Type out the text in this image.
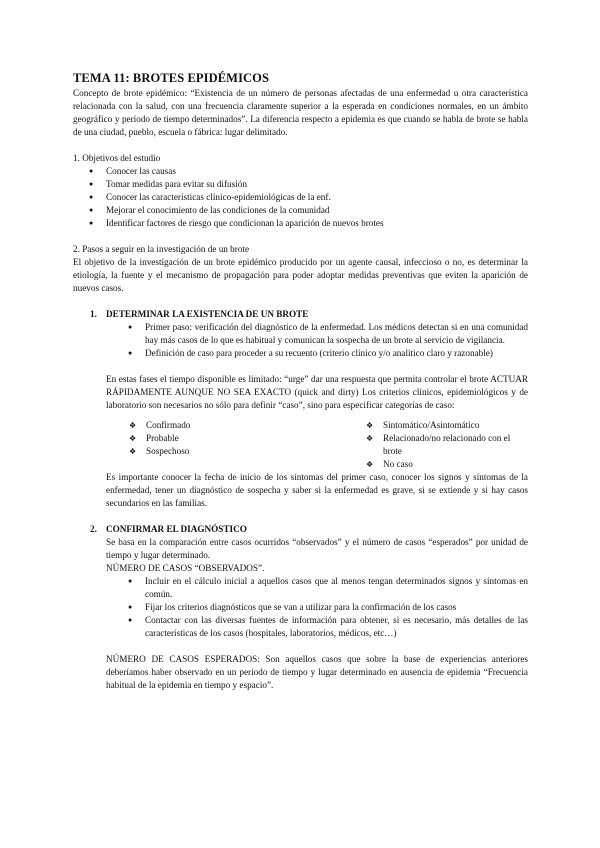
TEMA 11: BROTES EPIDÉMICOS

Concepto de brote epidémico: “Existencia de un número de personas afectadas de una enfermedad u otra característica relacionada con la salud, con una frecuencia claramente superior a la esperada en condiciones normales, en un ámbito geográfico y período de tiempo determinados”. La diferencia respecto a epidemia es que cuando se habla de brote se habla de una ciudad, pueblo, escuela o fábrica: lugar delimitado.

1. Objetivos del estudio

● Conocer las causas
● Tomar medidas para evitar su difusión
● Conocer las características clínico-epidemiológicas de la enf.
● Mejorar el conocimiento de las condiciones de la comunidad
● Identificar factores de riesgo que condicionan la aparición de nuevos brotes

2. Pasos a seguir en la investigación de un brote

El objetivo de la investigación de un brote epidémico producido por un agente causal, infeccioso o no, es determinar la etiología, la fuente y el mecanismo de propagación para poder adoptar medidas preventivas que eviten la aparición de nuevos casos.

1. DETERMINAR LA EXISTENCIA DE UN BROTE
● Primer paso: verificación del diagnóstico de la enfermedad. Los médicos detectan si en una comunidad hay más casos de lo que es habitual y comunican la sospecha de un brote al servicio de vigilancia.
● Definición de caso para proceder a su recuento (criterio clínico y/o analítico claro y razonable)

En estas fases el tiempo disponible es limitado: “urge” dar una respuesta que permita controlar el brote ACTUAR RÁPIDAMENTE AUNQUE NO SEA EXACTO (quick and dirty) Los criterios clínicos, epidemiológicos y de laboratorio son necesarios no sólo para definir “caso”, sino para especificar categorías de caso:

❖ Confirmado
❖ Probable
❖ Sospechoso
❖ Sintomático/Asintomático
❖ Relacionado/no relacionado con el brote
❖ No caso

Es importante conocer la fecha de inicio de los síntomas del primer caso, conocer los signos y síntomas de la enfermedad, tener un diagnóstico de sospecha y saber si la enfermedad es grave, si se extiende y si hay casos secundarios en las familias.

2. CONFIRMAR EL DIAGNÓSTICO

Se basa en la comparación entre casos ocurridos “observados” y el número de casos “esperados” por unidad de tiempo y lugar determinado.

NÚMERO DE CASOS “OBSERVADOS”.

● Incluir en el cálculo inicial a aquellos casos que al menos tengan determinados signos y síntomas en común.
● Fijar los criterios diagnósticos que se van a utilizar para la confirmación de los casos
● Contactar con las diversas fuentes de información para obtener, si es necesario, más detalles de las características de los casos (hospitales, laboratorios, médicos, etc…)

NÚMERO DE CASOS ESPERADOS: Son aquellos casos que sobre la base de experiencias anteriores deberíamos haber observado en un periodo de tiempo y lugar determinado en ausencia de epidemia “Frecuencia habitual de la epidemia en tiempo y espacio”.
